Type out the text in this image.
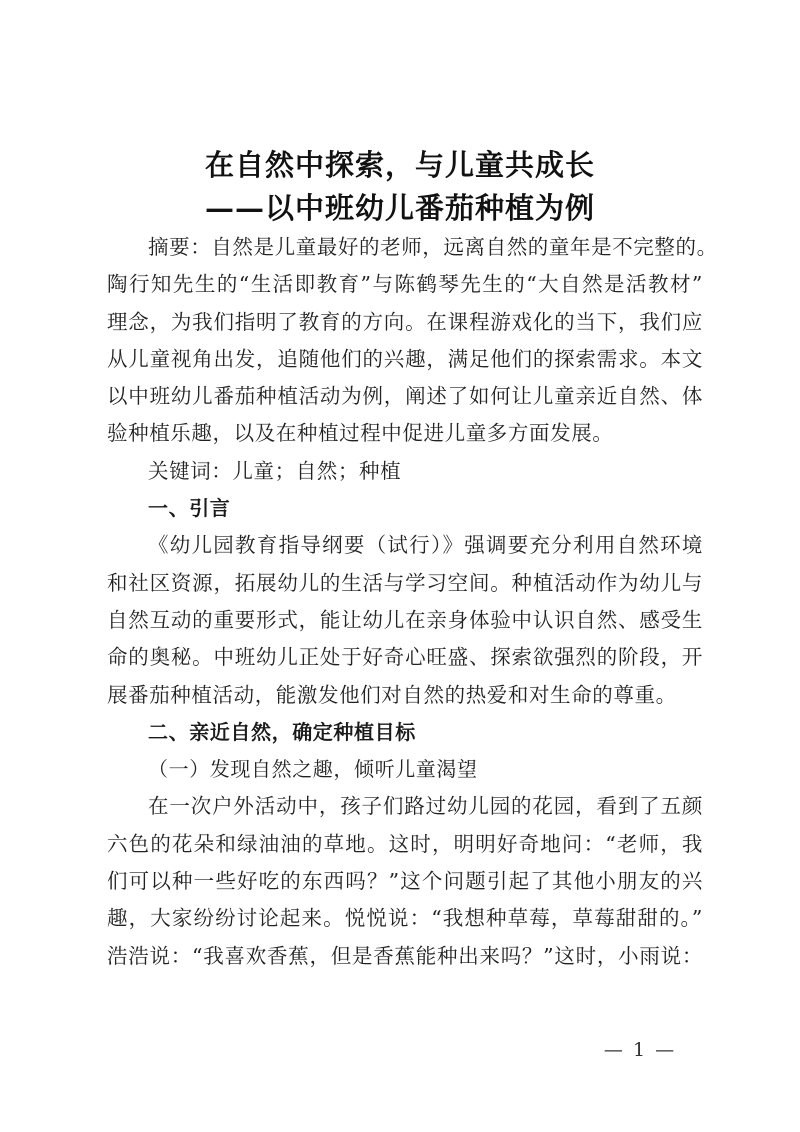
在自然中探索，与儿童共成长
——以中班幼儿番茄种植为例
摘要：自然是儿童最好的老师，远离自然的童年是不完整的。
陶行知先生的“生活即教育”与陈鹤琴先生的“大自然是活教材”
理念，为我们指明了教育的方向。在课程游戏化的当下，我们应
从儿童视角出发，追随他们的兴趣，满足他们的探索需求。本文
以中班幼儿番茄种植活动为例，阐述了如何让儿童亲近自然、体
验种植乐趣，以及在种植过程中促进儿童多方面发展。
关键词：儿童；自然；种植
一、引言
《幼儿园教育指导纲要（试行）》强调要充分利用自然环境
和社区资源，拓展幼儿的生活与学习空间。种植活动作为幼儿与
自然互动的重要形式，能让幼儿在亲身体验中认识自然、感受生
命的奥秘。中班幼儿正处于好奇心旺盛、探索欲强烈的阶段，开
展番茄种植活动，能激发他们对自然的热爱和对生命的尊重。
二、亲近自然，确定种植目标
（一）发现自然之趣，倾听儿童渴望
在一次户外活动中，孩子们路过幼儿园的花园，看到了五颜
六色的花朵和绿油油的草地。这时，明明好奇地问：“老师，我
们可以种一些好吃的东西吗？”这个问题引起了其他小朋友的兴
趣，大家纷纷讨论起来。悦悦说：“我想种草莓，草莓甜甜的。”
浩浩说：“我喜欢香蕉，但是香蕉能种出来吗？”这时，小雨说：
— 1 —
